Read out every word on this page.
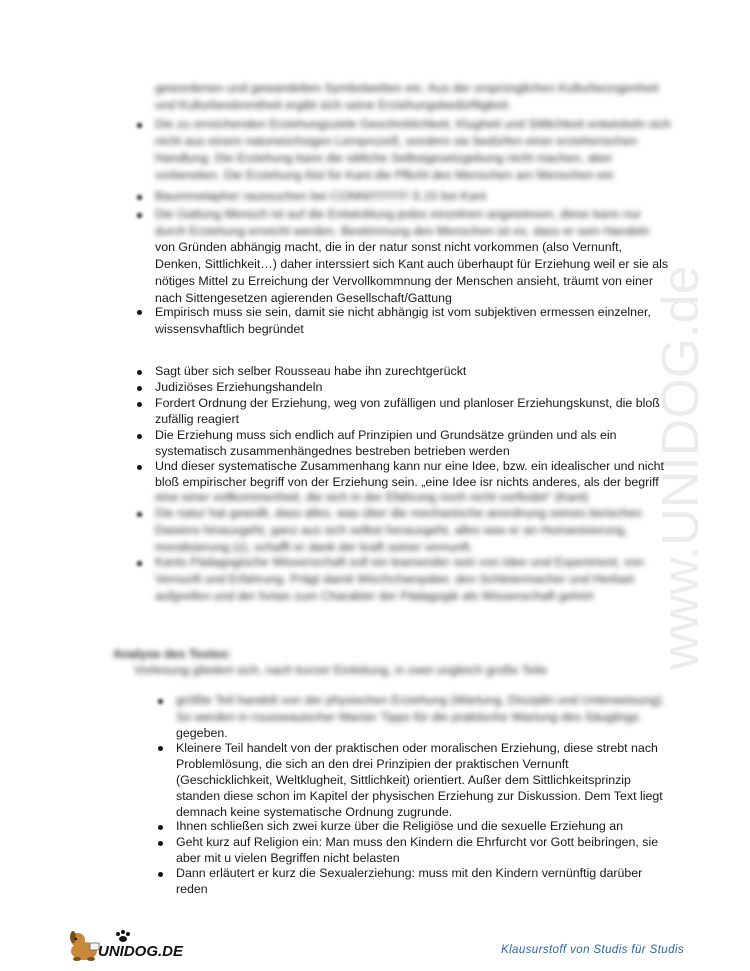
www.UNIDOG.de
gewordenen und gewandelten Symbolwelten ein. Aus der ursprünglichen Kulturbezogenheit
und Kulturbestimmtheit ergibt sich seine Erziehungsbedürftigkeit.
Die zu erreichenden Erziehungsziele Geschicklichkeit, Klugheit und Sittlichkeit entwickeln sich
nicht aus einem naturwüchsigen Lernprozeß, sondern sie bedürfen einer erzieherischen
Handlung. Die Erziehung kann die sittliche Selbstgesetzgebung nicht machen, aber
vorbereiten. Die Erziehung löst für Kant die Pflicht des Menschen am Menschen ein
Baummetapher raussuchen bei CONNI!!!!!!!!!!! S.15 bei Kant
Die Gattung Mensch ist auf die Entwicklung jedes einzelnen angewiesen, diese kann nur
durch Erziehung erreicht werden. Bestimmung des Menschen ist es, dass er sein Handeln
von Gründen abhängig macht, die in der natur sonst nicht vorkommen (also Vernunft,
Denken, Sittlichkeit…) daher interssiert sich Kant auch überhaupt für Erziehung weil er sie als
nötiges Mittel zu Erreichung der Vervollkommnung der Menschen ansieht, träumt von einer
nach Sittengesetzen agierenden Gesellschaft/Gattung
Empirisch muss sie sein, damit sie nicht abhängig ist vom subjektiven ermessen einzelner,
wissensvhaftlich begründet
Sagt über sich selber Rousseau habe ihn zurechtgerückt
Judiziöses Erziehungshandeln
Fordert Ordnung der Erziehung, weg von zufälligen und planloser Erziehungskunst, die bloß
zufällig reagiert
Die Erziehung muss sich endlich auf Prinzipien und Grundsätze gründen und als ein
systematisch zusammenhängednes bestreben betrieben werden
Und dieser systematische Zusammenhang kann nur eine Idee, bzw. ein idealischer und nicht
bloß empirischer begriff von der Erziehung sein. „eine Idee isr nichts anderes, als der begriff
eine einer vollkommenheit, die sich in der Efahrung noch nicht vorfindet" (Kant)
Die natur hat gewollt, dass alles, was über die mechanische anordnung seines tierischen
Daseins hinausgeht, ganz aus sich selbst herausgeht, alles was er an Humanisierung,
moralisierung (z), schafft er dank der kraft seiner vernunft.
Kants Pädagogische Wissenschaft soll ein leamender sein von Idee und Experiment, von
Vernunft und Erfahrung. Prägt damit Wischcharspäter, den Schleiermacher und Herbart
aufgreifen und der fortan zum Charakter der Pädagogik als Wissenschaft gehört
Analyse des Textes:
Vorlesung gliedert sich, nach kurzer Einleitung, in zwei ungleich große Teile
größte Teil handelt von der physischen Erziehung (Wartung, Disziplin und Unterweisung).
So werden in rousseauischer Manier Tipps für die praktische Wartung des Säuglings
gegeben.
Kleinere Teil handelt von der praktischen oder moralischen Erziehung, diese strebt nach
Problemlösung, die sich an den drei Prinzipien der praktischen Vernunft
(Geschicklichkeit, Weltklugheit, Sittlichkeit) orientiert. Außer dem Sittlichkeitsprinzip
standen diese schon im Kapitel der physischen Erziehung zur Diskussion. Dem Text liegt
demnach keine systematische Ordnung zugrunde.
Ihnen schließen sich zwei kurze über die Religiöse und die sexuelle Erziehung an
Geht kurz auf Religion ein: Man muss den Kindern die Ehrfurcht vor Gott beibringen, sie
aber mit u vielen Begriffen nicht belasten
Dann erläutert er kurz die Sexualerziehung: muss mit den Kindern vernünftig darüber
reden
UNIDOG.DE	Klausurstoff von Studis für Studis
